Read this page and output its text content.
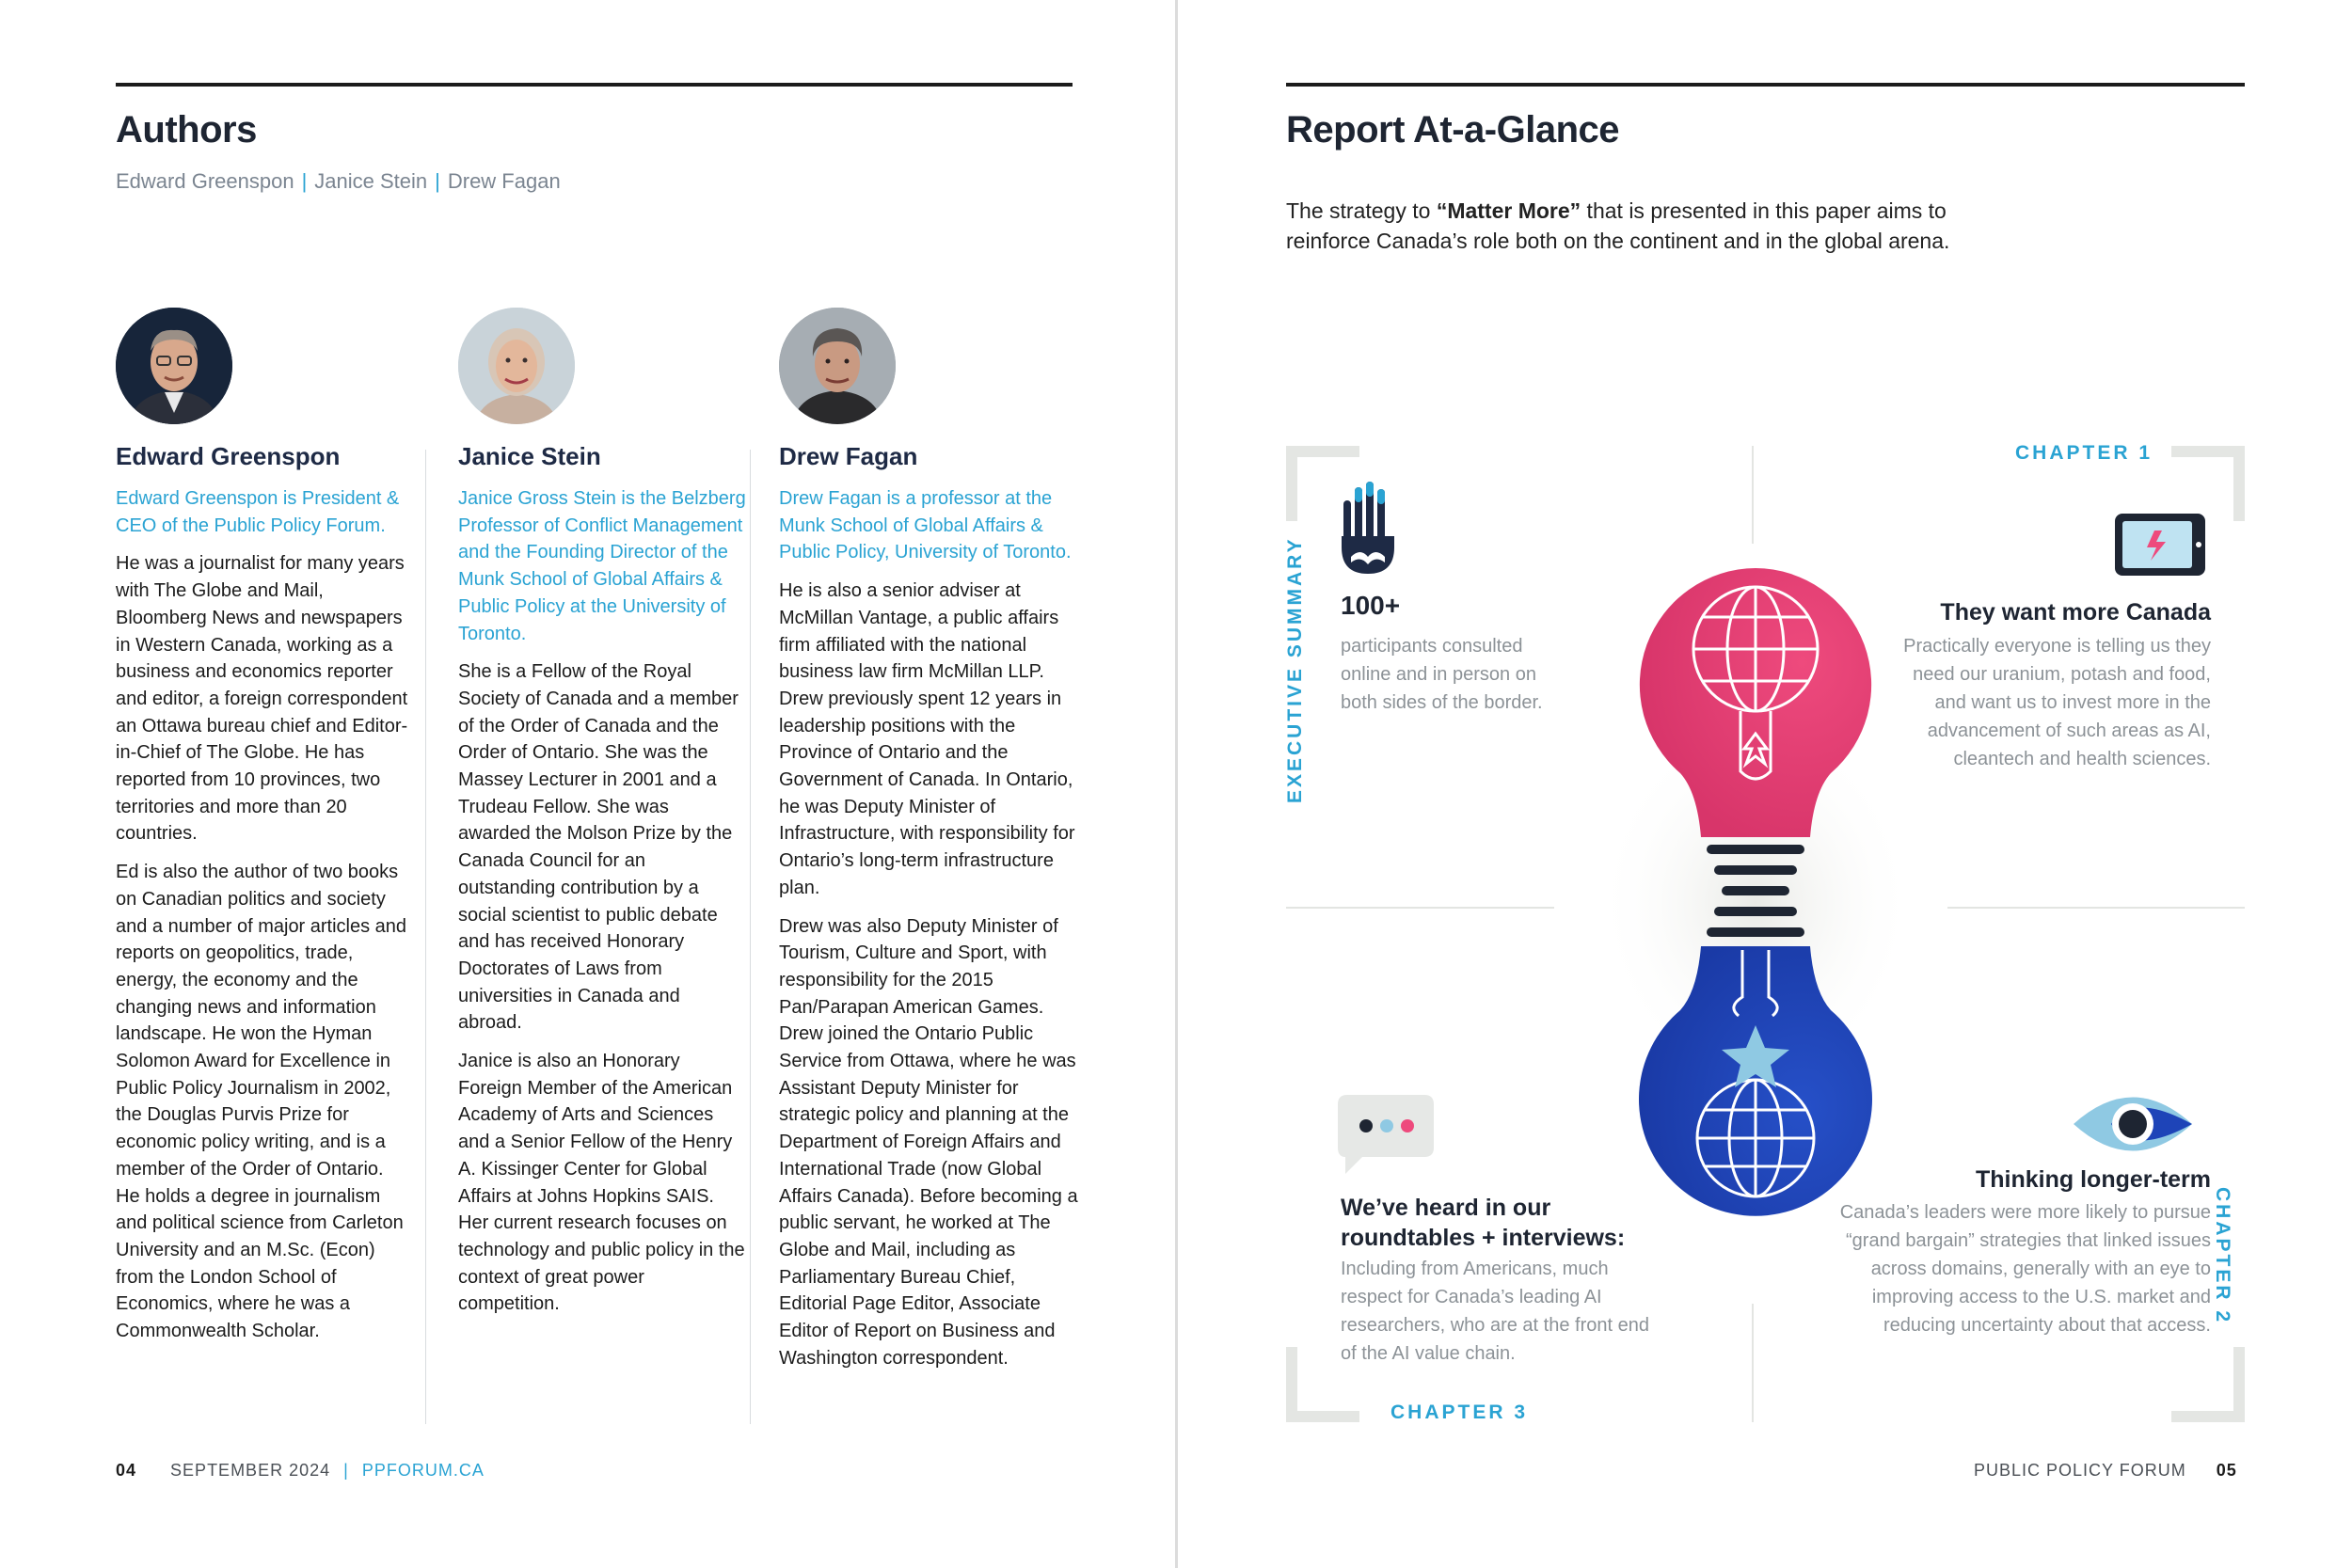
Authors
Edward Greenspon | Janice Stein | Drew Fagan
Edward Greenspon
Edward Greenspon is President & CEO of the Public Policy Forum.
He was a journalist for many years with The Globe and Mail, Bloomberg News and newspapers in Western Canada, working as a business and economics reporter and editor, a foreign correspondent an Ottawa bureau chief and Editor-in-Chief of The Globe. He has reported from 10 provinces, two territories and more than 20 countries.
Ed is also the author of two books on Canadian politics and society and a number of major articles and reports on geopolitics, trade, energy, the economy and the changing news and information landscape. He won the Hyman Solomon Award for Excellence in Public Policy Journalism in 2002, the Douglas Purvis Prize for economic policy writing, and is a member of the Order of Ontario. He holds a degree in journalism and political science from Carleton University and an M.Sc. (Econ) from the London School of Economics, where he was a Commonwealth Scholar.
Janice Stein
Janice Gross Stein is the Belzberg Professor of Conflict Management and the Founding Director of the Munk School of Global Affairs & Public Policy at the University of Toronto.
She is a Fellow of the Royal Society of Canada and a member of the Order of Canada and the Order of Ontario. She was the Massey Lecturer in 2001 and a Trudeau Fellow. She was awarded the Molson Prize by the Canada Council for an outstanding contribution by a social scientist to public debate and has received Honorary Doctorates of Laws from universities in Canada and abroad.
Janice is also an Honorary Foreign Member of the American Academy of Arts and Sciences and a Senior Fellow of the Henry A. Kissinger Center for Global Affairs at Johns Hopkins SAIS. Her current research focuses on technology and public policy in the context of great power competition.
Drew Fagan
Drew Fagan is a professor at the Munk School of Global Affairs & Public Policy, University of Toronto.
He is also a senior adviser at McMillan Vantage, a public affairs firm affiliated with the national business law firm McMillan LLP. Drew previously spent 12 years in leadership positions with the Province of Ontario and the Government of Canada. In Ontario, he was Deputy Minister of Infrastructure, with responsibility for Ontario’s long-term infrastructure plan.
Drew was also Deputy Minister of Tourism, Culture and Sport, with responsibility for the 2015 Pan/Parapan American Games. Drew joined the Ontario Public Service from Ottawa, where he was Assistant Deputy Minister for strategic policy and planning at the Department of Foreign Affairs and International Trade (now Global Affairs Canada). Before becoming a public servant, he worked at The Globe and Mail, including as Parliamentary Bureau Chief, Editorial Page Editor, Associate Editor of Report on Business and Washington correspondent.
04 SEPTEMBER 2024 | PPFORUM.CA
Report At-a-Glance
The strategy to “Matter More” that is presented in this paper aims to reinforce Canada’s role both on the continent and in the global arena.
CHAPTER 1
CHAPTER 3
CHAPTER 2
EXECUTIVE SUMMARY 100+
participants consulted online and in person on both sides of the border.
They want more Canada
Practically everyone is telling us they need our uranium, potash and food, and want us to invest more in the advancement of such areas as AI, cleantech and health sciences.
We’ve heard in our roundtables + interviews:
Including from Americans, much respect for Canada’s leading AI researchers, who are at the front end of the AI value chain.
Thinking longer-term
Canada’s leaders were more likely to pursue “grand bargain” strategies that linked issues across domains, generally with an eye to improving access to the U.S. market and reducing uncertainty about that access.
PUBLIC POLICY FORUM 05
